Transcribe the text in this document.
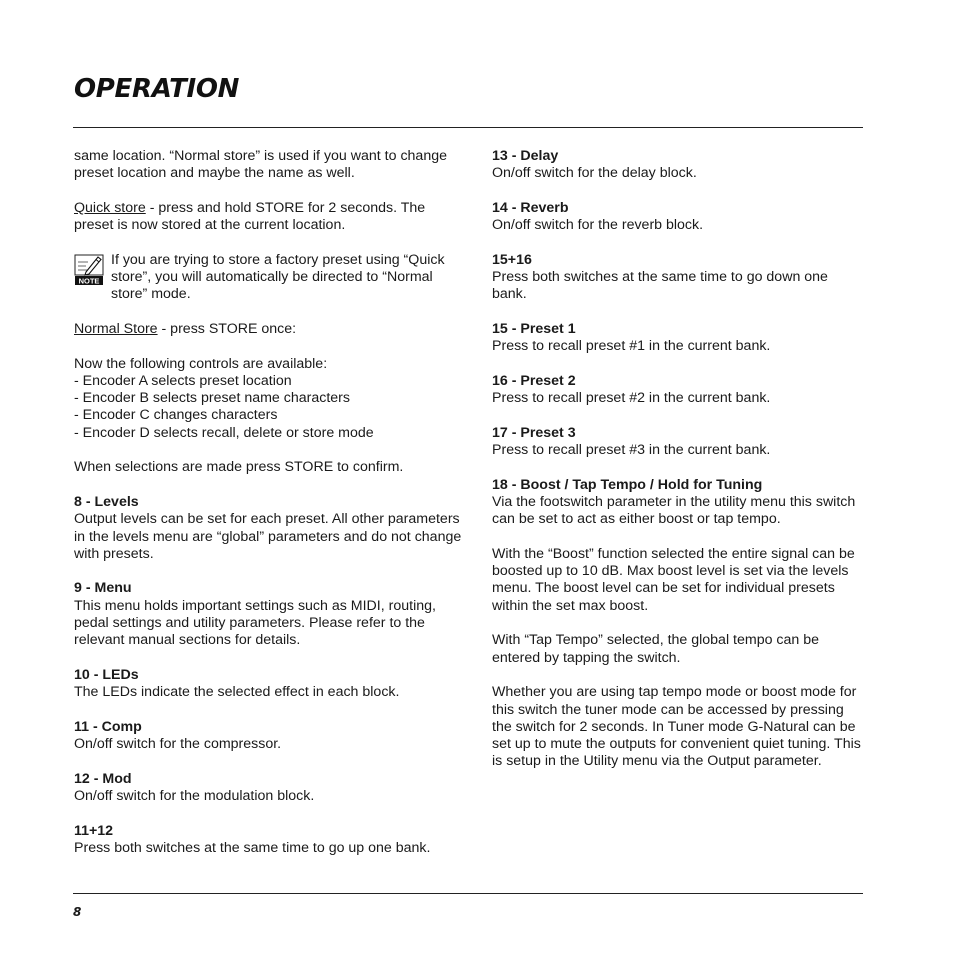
OPERATION

same location. “Normal store” is used if you want to change preset location and maybe the name as well.

Quick store - press and hold STORE for 2 seconds. The preset is now stored at the current location.

NOTE
If you are trying to store a factory preset using “Quick store”, you will automatically be directed to “Normal store” mode.

Normal Store - press STORE once:

Now the following controls are available:
- Encoder A selects preset location
- Encoder B selects preset name characters
- Encoder C changes characters
- Encoder D selects recall, delete or store mode

When selections are made press STORE to confirm.

8 - Levels
Output levels can be set for each preset. All other parameters in the levels menu are “global” parameters and do not change with presets.

9 - Menu
This menu holds important settings such as MIDI, routing, pedal settings and utility parameters. Please refer to the relevant manual sections for details.

10 - LEDs
The LEDs indicate the selected effect in each block.

11 - Comp
On/off switch for the compressor.

12 - Mod
On/off switch for the modulation block.

11+12
Press both switches at the same time to go up one bank.

13 - Delay
On/off switch for the delay block.

14 - Reverb
On/off switch for the reverb block.

15+16
Press both switches at the same time to go down one bank.

15 - Preset 1
Press to recall preset #1 in the current bank.

16 - Preset 2
Press to recall preset #2 in the current bank.

17 - Preset 3
Press to recall preset #3 in the current bank.

18 - Boost / Tap Tempo / Hold for Tuning
Via the footswitch parameter in the utility menu this switch can be set to act as either boost or tap tempo.

With the “Boost” function selected the entire signal can be boosted up to 10 dB. Max boost level is set via the levels menu. The boost level can be set for individual presets within the set max boost.

With “Tap Tempo” selected, the global tempo can be entered by tapping the switch.

Whether you are using tap tempo mode or boost mode for this switch the tuner mode can be accessed by pressing the switch for 2 seconds. In Tuner mode G-Natural can be set up to mute the outputs for convenient quiet tuning. This is setup in the Utility menu via the Output parameter.

8
